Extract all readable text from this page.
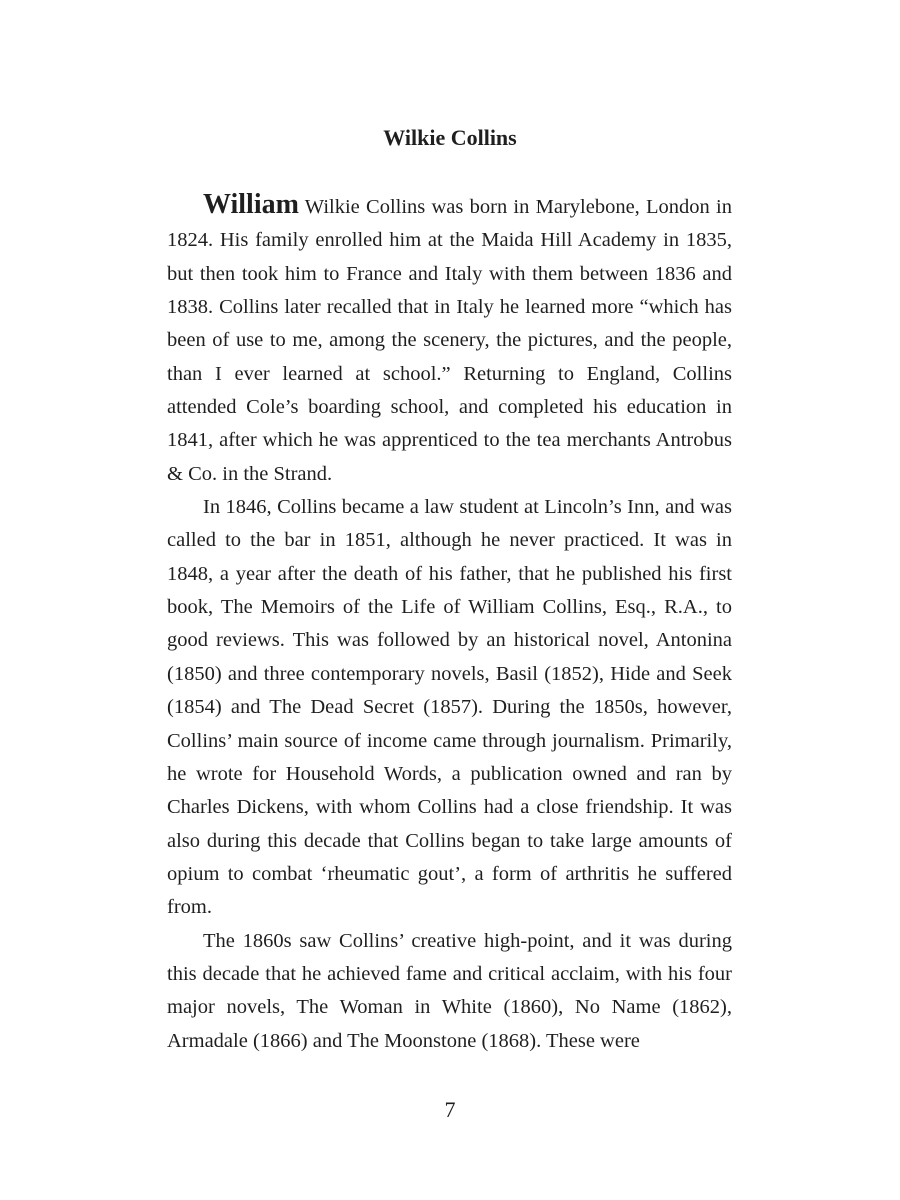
Wilkie Collins

William Wilkie Collins was born in Marylebone, London in 1824. His family enrolled him at the Maida Hill Academy in 1835, but then took him to France and Italy with them between 1836 and 1838. Collins later recalled that in Italy he learned more “which has been of use to me, among the scenery, the pictures, and the people, than I ever learned at school.” Returning to England, Collins attended Cole’s boarding school, and completed his education in 1841, after which he was apprenticed to the tea merchants Antrobus & Co. in the Strand.

In 1846, Collins became a law student at Lincoln’s Inn, and was called to the bar in 1851, although he never practiced. It was in 1848, a year after the death of his father, that he published his first book, The Memoirs of the Life of William Collins, Esq., R.A., to good reviews. This was followed by an historical novel, Antonina (1850) and three contemporary novels, Basil (1852), Hide and Seek (1854) and The Dead Secret (1857). During the 1850s, however, Collins’ main source of income came through journalism. Primarily, he wrote for Household Words, a publication owned and ran by Charles Dickens, with whom Collins had a close friendship. It was also during this decade that Collins began to take large amounts of opium to combat ‘rheumatic gout’, a form of arthritis he suffered from.

The 1860s saw Collins’ creative high-point, and it was during this decade that he achieved fame and critical acclaim, with his four major novels, The Woman in White (1860), No Name (1862), Armadale (1866) and The Moonstone (1868). These were

7
